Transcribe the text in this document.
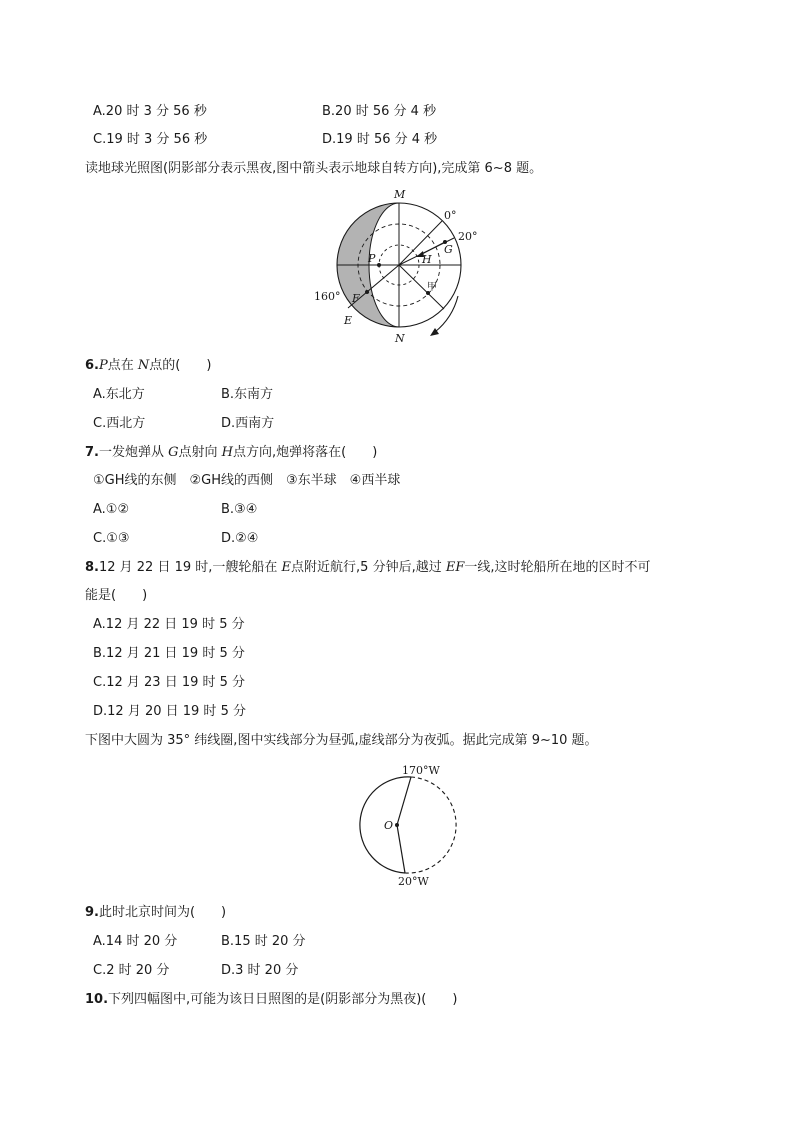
A.20 时 3 分 56 秒	B.20 时 56 分 4 秒
C.19 时 3 分 56 秒	D.19 时 56 分 4 秒
读地球光照图(阴影部分表示黑夜,图中箭头表示地球自转方向),完成第 6~8 题。
M
N
0°
20°
G
H
P
甲
160° F
E
6.P点在 N点的(　　)
A.东北方	B.东南方
C.西北方	D.西南方
7.一发炮弹从 G点射向 H点方向,炮弹将落在(　　)
①GH线的东侧　②GH线的西侧　③东半球　④西半球
A.①②	B.③④
C.①③	D.②④
8.12 月 22 日 19 时,一艘轮船在 E点附近航行,5 分钟后,越过 EF一线,这时轮船所在地的区时不可
能是(　　)
A.12 月 22 日 19 时 5 分
B.12 月 21 日 19 时 5 分
C.12 月 23 日 19 时 5 分
D.12 月 20 日 19 时 5 分
下图中大圆为 35° 纬线圈,图中实线部分为昼弧,虚线部分为夜弧。据此完成第 9~10 题。
170°W
20°W
O
9.此时北京时间为(　　)
A.14 时 20 分	B.15 时 20 分
C.2 时 20 分	D.3 时 20 分
10.下列四幅图中,可能为该日日照图的是(阴影部分为黑夜)(　　)
